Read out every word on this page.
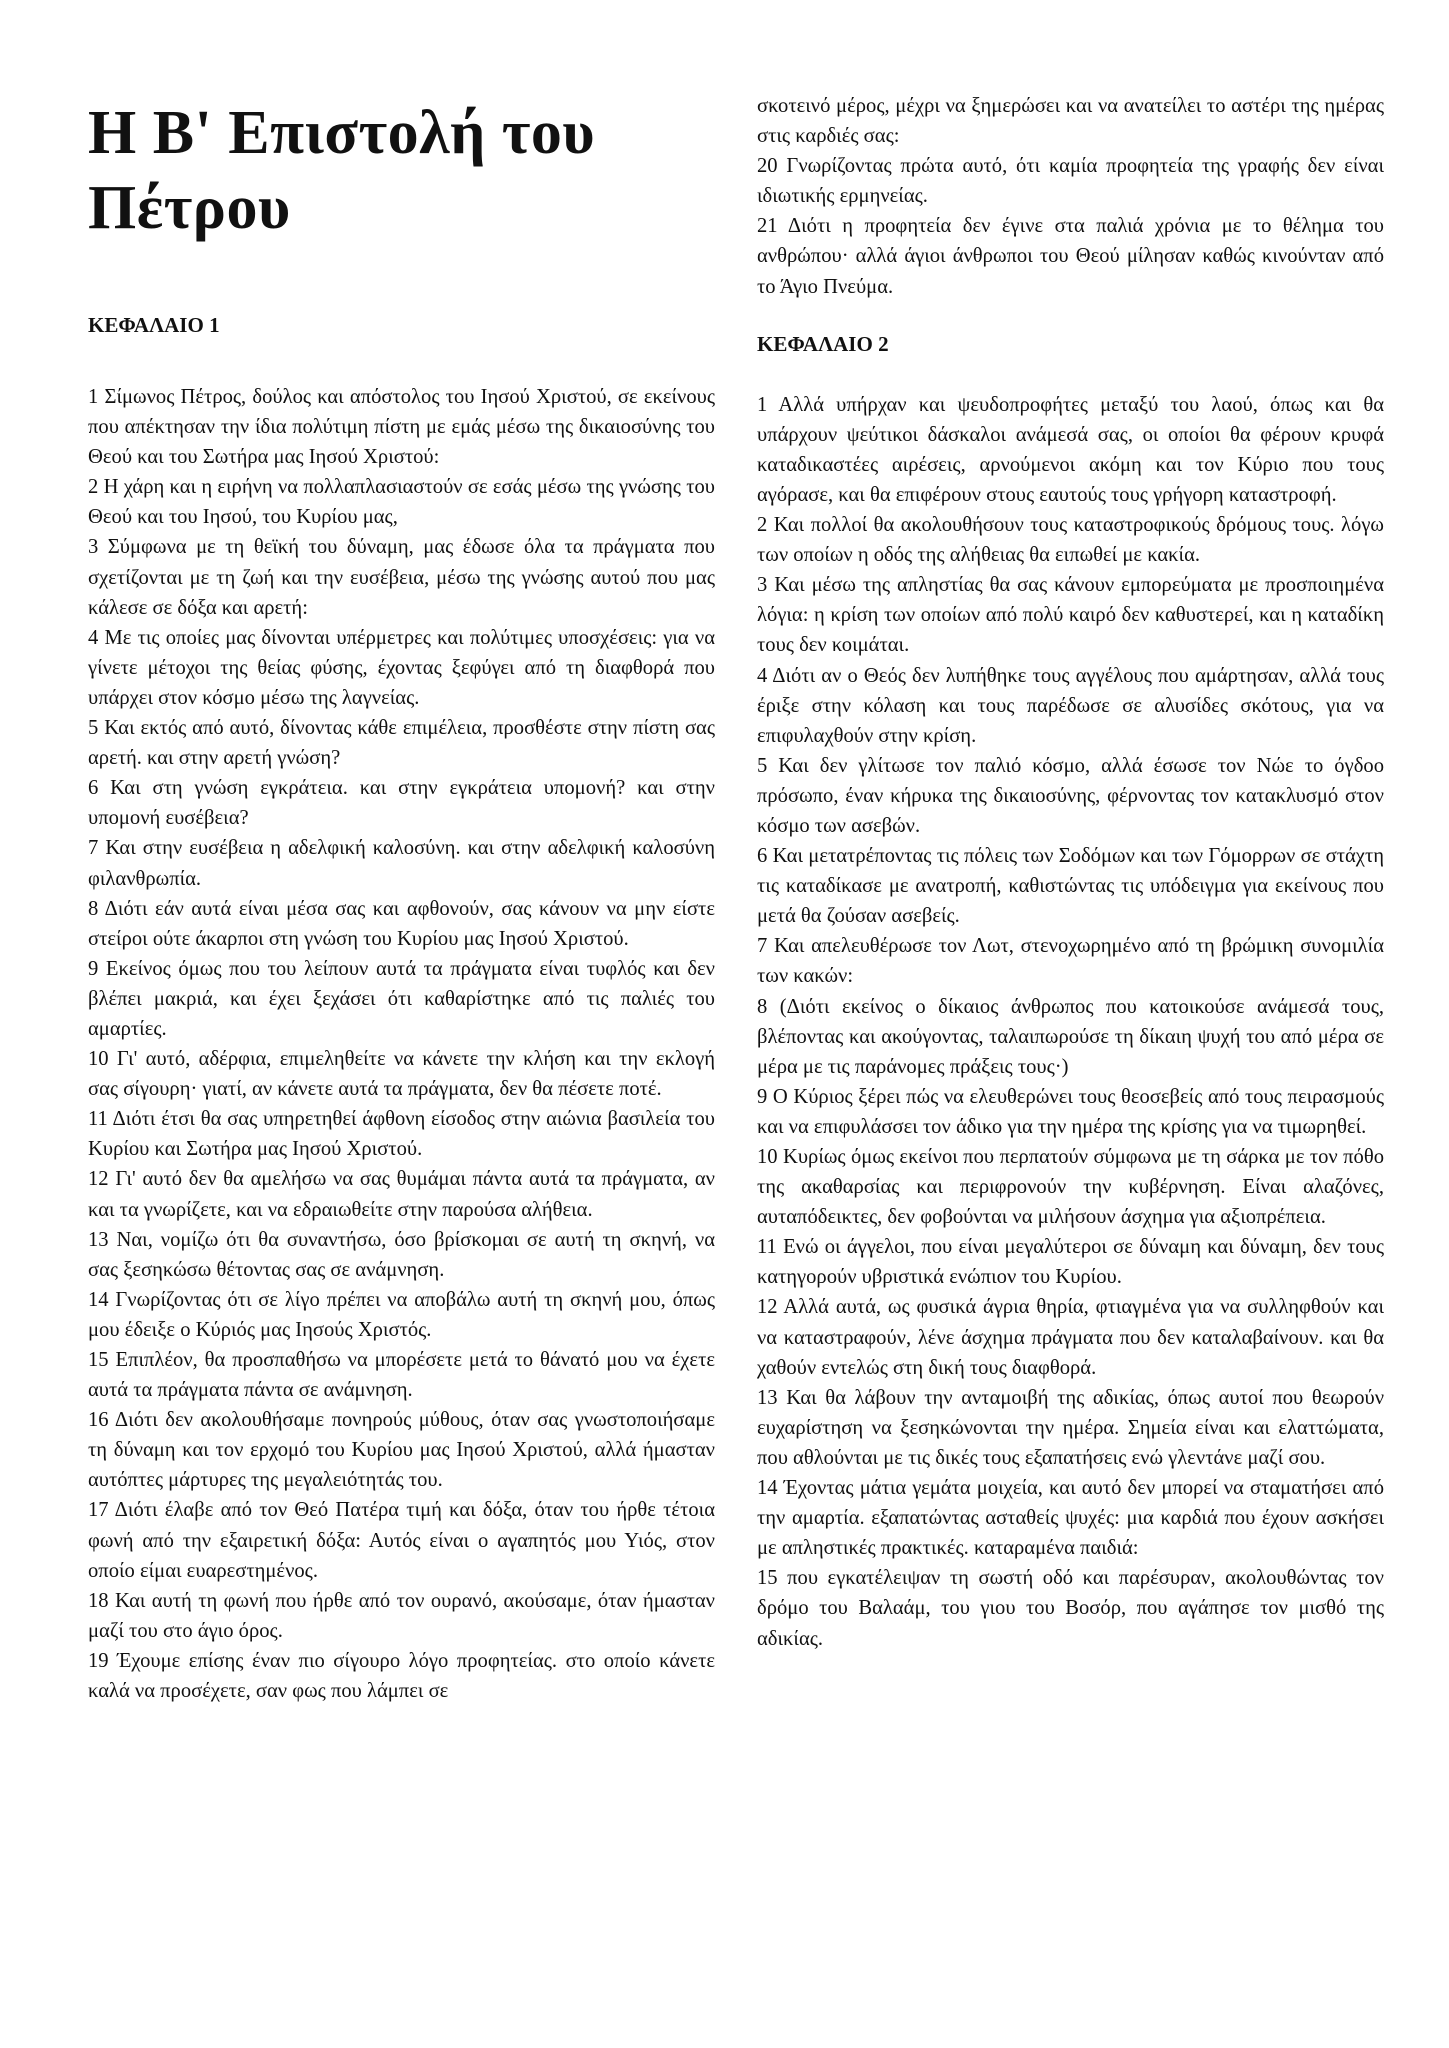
Η Β' Επιστολή του Πέτρου
ΚΕΦΑΛΑΙΟ 1

1 Σίμωνος Πέτρος, δούλος και απόστολος του Ιησού Χριστού, σε εκείνους που απέκτησαν την ίδια πολύτιμη πίστη με εμάς μέσω της δικαιοσύνης του Θεού και του Σωτήρα μας Ιησού Χριστού:

2 Η χάρη και η ειρήνη να πολλαπλασιαστούν σε εσάς μέσω της γνώσης του Θεού και του Ιησού, του Κυρίου μας,

3 Σύμφωνα με τη θεϊκή του δύναμη, μας έδωσε όλα τα πράγματα που σχετίζονται με τη ζωή και την ευσέβεια, μέσω της γνώσης αυτού που μας κάλεσε σε δόξα και αρετή:

4 Με τις οποίες μας δίνονται υπέρμετρες και πολύτιμες υποσχέσεις: για να γίνετε μέτοχοι της θείας φύσης, έχοντας ξεφύγει από τη διαφθορά που υπάρχει στον κόσμο μέσω της λαγνείας.

5 Και εκτός από αυτό, δίνοντας κάθε επιμέλεια, προσθέστε στην πίστη σας αρετή. και στην αρετή γνώση?

6 Και στη γνώση εγκράτεια. και στην εγκράτεια υπομονή? και στην υπομονή ευσέβεια?

7 Και στην ευσέβεια η αδελφική καλοσύνη. και στην αδελφική καλοσύνη φιλανθρωπία.

8 Διότι εάν αυτά είναι μέσα σας και αφθονούν, σας κάνουν να μην είστε στείροι ούτε άκαρποι στη γνώση του Κυρίου μας Ιησού Χριστού.

9 Εκείνος όμως που του λείπουν αυτά τα πράγματα είναι τυφλός και δεν βλέπει μακριά, και έχει ξεχάσει ότι καθαρίστηκε από τις παλιές του αμαρτίες.

10 Γι' αυτό, αδέρφια, επιμεληθείτε να κάνετε την κλήση και την εκλογή σας σίγουρη· γιατί, αν κάνετε αυτά τα πράγματα, δεν θα πέσετε ποτέ.

11 Διότι έτσι θα σας υπηρετηθεί άφθονη είσοδος στην αιώνια βασιλεία του Κυρίου και Σωτήρα μας Ιησού Χριστού.

12 Γι' αυτό δεν θα αμελήσω να σας θυμάμαι πάντα αυτά τα πράγματα, αν και τα γνωρίζετε, και να εδραιωθείτε στην παρούσα αλήθεια.

13 Ναι, νομίζω ότι θα συναντήσω, όσο βρίσκομαι σε αυτή τη σκηνή, να σας ξεσηκώσω θέτοντας σας σε ανάμνηση.

14 Γνωρίζοντας ότι σε λίγο πρέπει να αποβάλω αυτή τη σκηνή μου, όπως μου έδειξε ο Κύριός μας Ιησούς Χριστός.

15 Επιπλέον, θα προσπαθήσω να μπορέσετε μετά το θάνατό μου να έχετε αυτά τα πράγματα πάντα σε ανάμνηση.

16 Διότι δεν ακολουθήσαμε πονηρούς μύθους, όταν σας γνωστοποιήσαμε τη δύναμη και τον ερχομό του Κυρίου μας Ιησού Χριστού, αλλά ήμασταν αυτόπτες μάρτυρες της μεγαλειότητάς του.

17 Διότι έλαβε από τον Θεό Πατέρα τιμή και δόξα, όταν του ήρθε τέτοια φωνή από την εξαιρετική δόξα: Αυτός είναι ο αγαπητός μου Υιός, στον οποίο είμαι ευαρεστημένος.

18 Και αυτή τη φωνή που ήρθε από τον ουρανό, ακούσαμε, όταν ήμασταν μαζί του στο άγιο όρος.

19 Έχουμε επίσης έναν πιο σίγουρο λόγο προφητείας. στο οποίο κάνετε καλά να προσέχετε, σαν φως που λάμπει σε

σκοτεινό μέρος, μέχρι να ξημερώσει και να ανατείλει το αστέρι της ημέρας στις καρδιές σας:

20 Γνωρίζοντας πρώτα αυτό, ότι καμία προφητεία της γραφής δεν είναι ιδιωτικής ερμηνείας.

21 Διότι η προφητεία δεν έγινε στα παλιά χρόνια με το θέλημα του ανθρώπου· αλλά άγιοι άνθρωποι του Θεού μίλησαν καθώς κινούνταν από το Άγιο Πνεύμα.

ΚΕΦΑΛΑΙΟ 2

1 Αλλά υπήρχαν και ψευδοπροφήτες μεταξύ του λαού, όπως και θα υπάρχουν ψεύτικοι δάσκαλοι ανάμεσά σας, οι οποίοι θα φέρουν κρυφά καταδικαστέες αιρέσεις, αρνούμενοι ακόμη και τον Κύριο που τους αγόρασε, και θα επιφέρουν στους εαυτούς τους γρήγορη καταστροφή.

2 Και πολλοί θα ακολουθήσουν τους καταστροφικούς δρόμους τους. λόγω των οποίων η οδός της αλήθειας θα ειπωθεί με κακία.

3 Και μέσω της απληστίας θα σας κάνουν εμπορεύματα με προσποιημένα λόγια: η κρίση των οποίων από πολύ καιρό δεν καθυστερεί, και η καταδίκη τους δεν κοιμάται.

4 Διότι αν ο Θεός δεν λυπήθηκε τους αγγέλους που αμάρτησαν, αλλά τους έριξε στην κόλαση και τους παρέδωσε σε αλυσίδες σκότους, για να επιφυλαχθούν στην κρίση.

5 Και δεν γλίτωσε τον παλιό κόσμο, αλλά έσωσε τον Νώε το όγδοο πρόσωπο, έναν κήρυκα της δικαιοσύνης, φέρνοντας τον κατακλυσμό στον κόσμο των ασεβών.

6 Και μετατρέποντας τις πόλεις των Σοδόμων και των Γόμορρων σε στάχτη τις καταδίκασε με ανατροπή, καθιστώντας τις υπόδειγμα για εκείνους που μετά θα ζούσαν ασεβείς.

7 Και απελευθέρωσε τον Λωτ, στενοχωρημένο από τη βρώμικη συνομιλία των κακών:

8 (Διότι εκείνος ο δίκαιος άνθρωπος που κατοικούσε ανάμεσά τους, βλέποντας και ακούγοντας, ταλαιπωρούσε τη δίκαιη ψυχή του από μέρα σε μέρα με τις παράνομες πράξεις τους·)

9 Ο Κύριος ξέρει πώς να ελευθερώνει τους θεοσεβείς από τους πειρασμούς και να επιφυλάσσει τον άδικο για την ημέρα της κρίσης για να τιμωρηθεί.

10 Κυρίως όμως εκείνοι που περπατούν σύμφωνα με τη σάρκα με τον πόθο της ακαθαρσίας και περιφρονούν την κυβέρνηση. Είναι αλαζόνες, αυταπόδεικτες, δεν φοβούνται να μιλήσουν άσχημα για αξιοπρέπεια.

11 Ενώ οι άγγελοι, που είναι μεγαλύτεροι σε δύναμη και δύναμη, δεν τους κατηγορούν υβριστικά ενώπιον του Κυρίου.

12 Αλλά αυτά, ως φυσικά άγρια θηρία, φτιαγμένα για να συλληφθούν και να καταστραφούν, λένε άσχημα πράγματα που δεν καταλαβαίνουν. και θα χαθούν εντελώς στη δική τους διαφθορά.

13 Και θα λάβουν την ανταμοιβή της αδικίας, όπως αυτοί που θεωρούν ευχαρίστηση να ξεσηκώνονται την ημέρα. Σημεία είναι και ελαττώματα, που αθλούνται με τις δικές τους εξαπατήσεις ενώ γλεντάνε μαζί σου.

14 Έχοντας μάτια γεμάτα μοιχεία, και αυτό δεν μπορεί να σταματήσει από την αμαρτία. εξαπατώντας ασταθείς ψυχές: μια καρδιά που έχουν ασκήσει με απληστικές πρακτικές. καταραμένα παιδιά:

15 που εγκατέλειψαν τη σωστή οδό και παρέσυραν, ακολουθώντας τον δρόμο του Βαλαάμ, του γιου του Βοσόρ, που αγάπησε τον μισθό της αδικίας.
